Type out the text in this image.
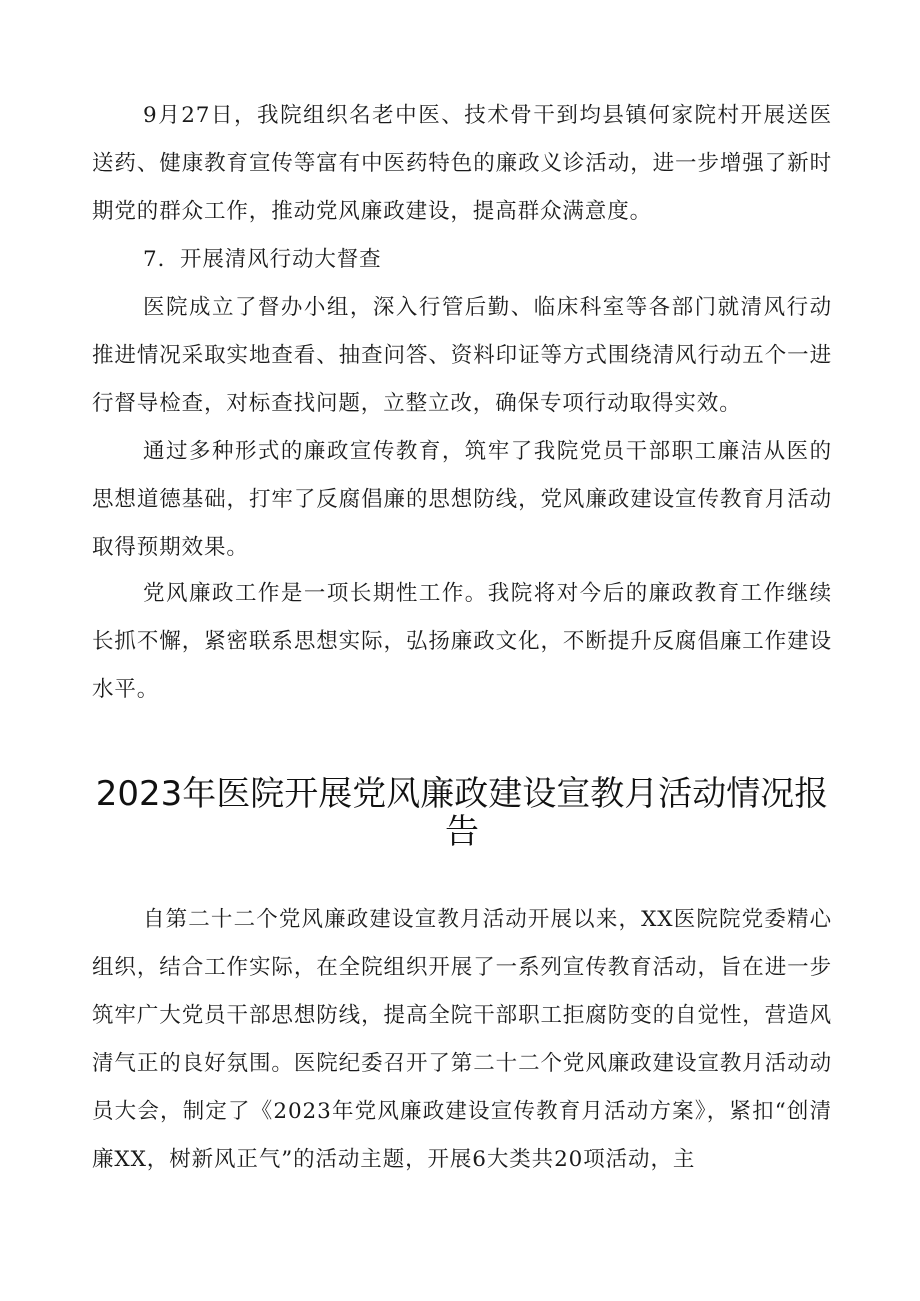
9月27日，我院组织名老中医、技术骨干到均县镇何家院村开展送医送药、健康教育宣传等富有中医药特色的廉政义诊活动，进一步增强了新时期党的群众工作，推动党风廉政建设，提高群众满意度。

7．开展清风行动大督查

医院成立了督办小组，深入行管后勤、临床科室等各部门就清风行动推进情况采取实地查看、抽查问答、资料印证等方式围绕清风行动五个一进行督导检查，对标查找问题，立整立改，确保专项行动取得实效。

通过多种形式的廉政宣传教育，筑牢了我院党员干部职工廉洁从医的思想道德基础，打牢了反腐倡廉的思想防线，党风廉政建设宣传教育月活动取得预期效果。

党风廉政工作是一项长期性工作。我院将对今后的廉政教育工作继续长抓不懈，紧密联系思想实际，弘扬廉政文化，不断提升反腐倡廉工作建设水平。

2023年医院开展党风廉政建设宣教月活动情况报告

自第二十二个党风廉政建设宣教月活动开展以来，XX医院院党委精心组织，结合工作实际，在全院组织开展了一系列宣传教育活动，旨在进一步筑牢广大党员干部思想防线，提高全院干部职工拒腐防变的自觉性，营造风清气正的良好氛围。医院纪委召开了第二十二个党风廉政建设宣教月活动动员大会，制定了《2023年党风廉政建设宣传教育月活动方案》，紧扣“创清廉XX，树新风正气”的活动主题，开展6大类共20项活动，主
